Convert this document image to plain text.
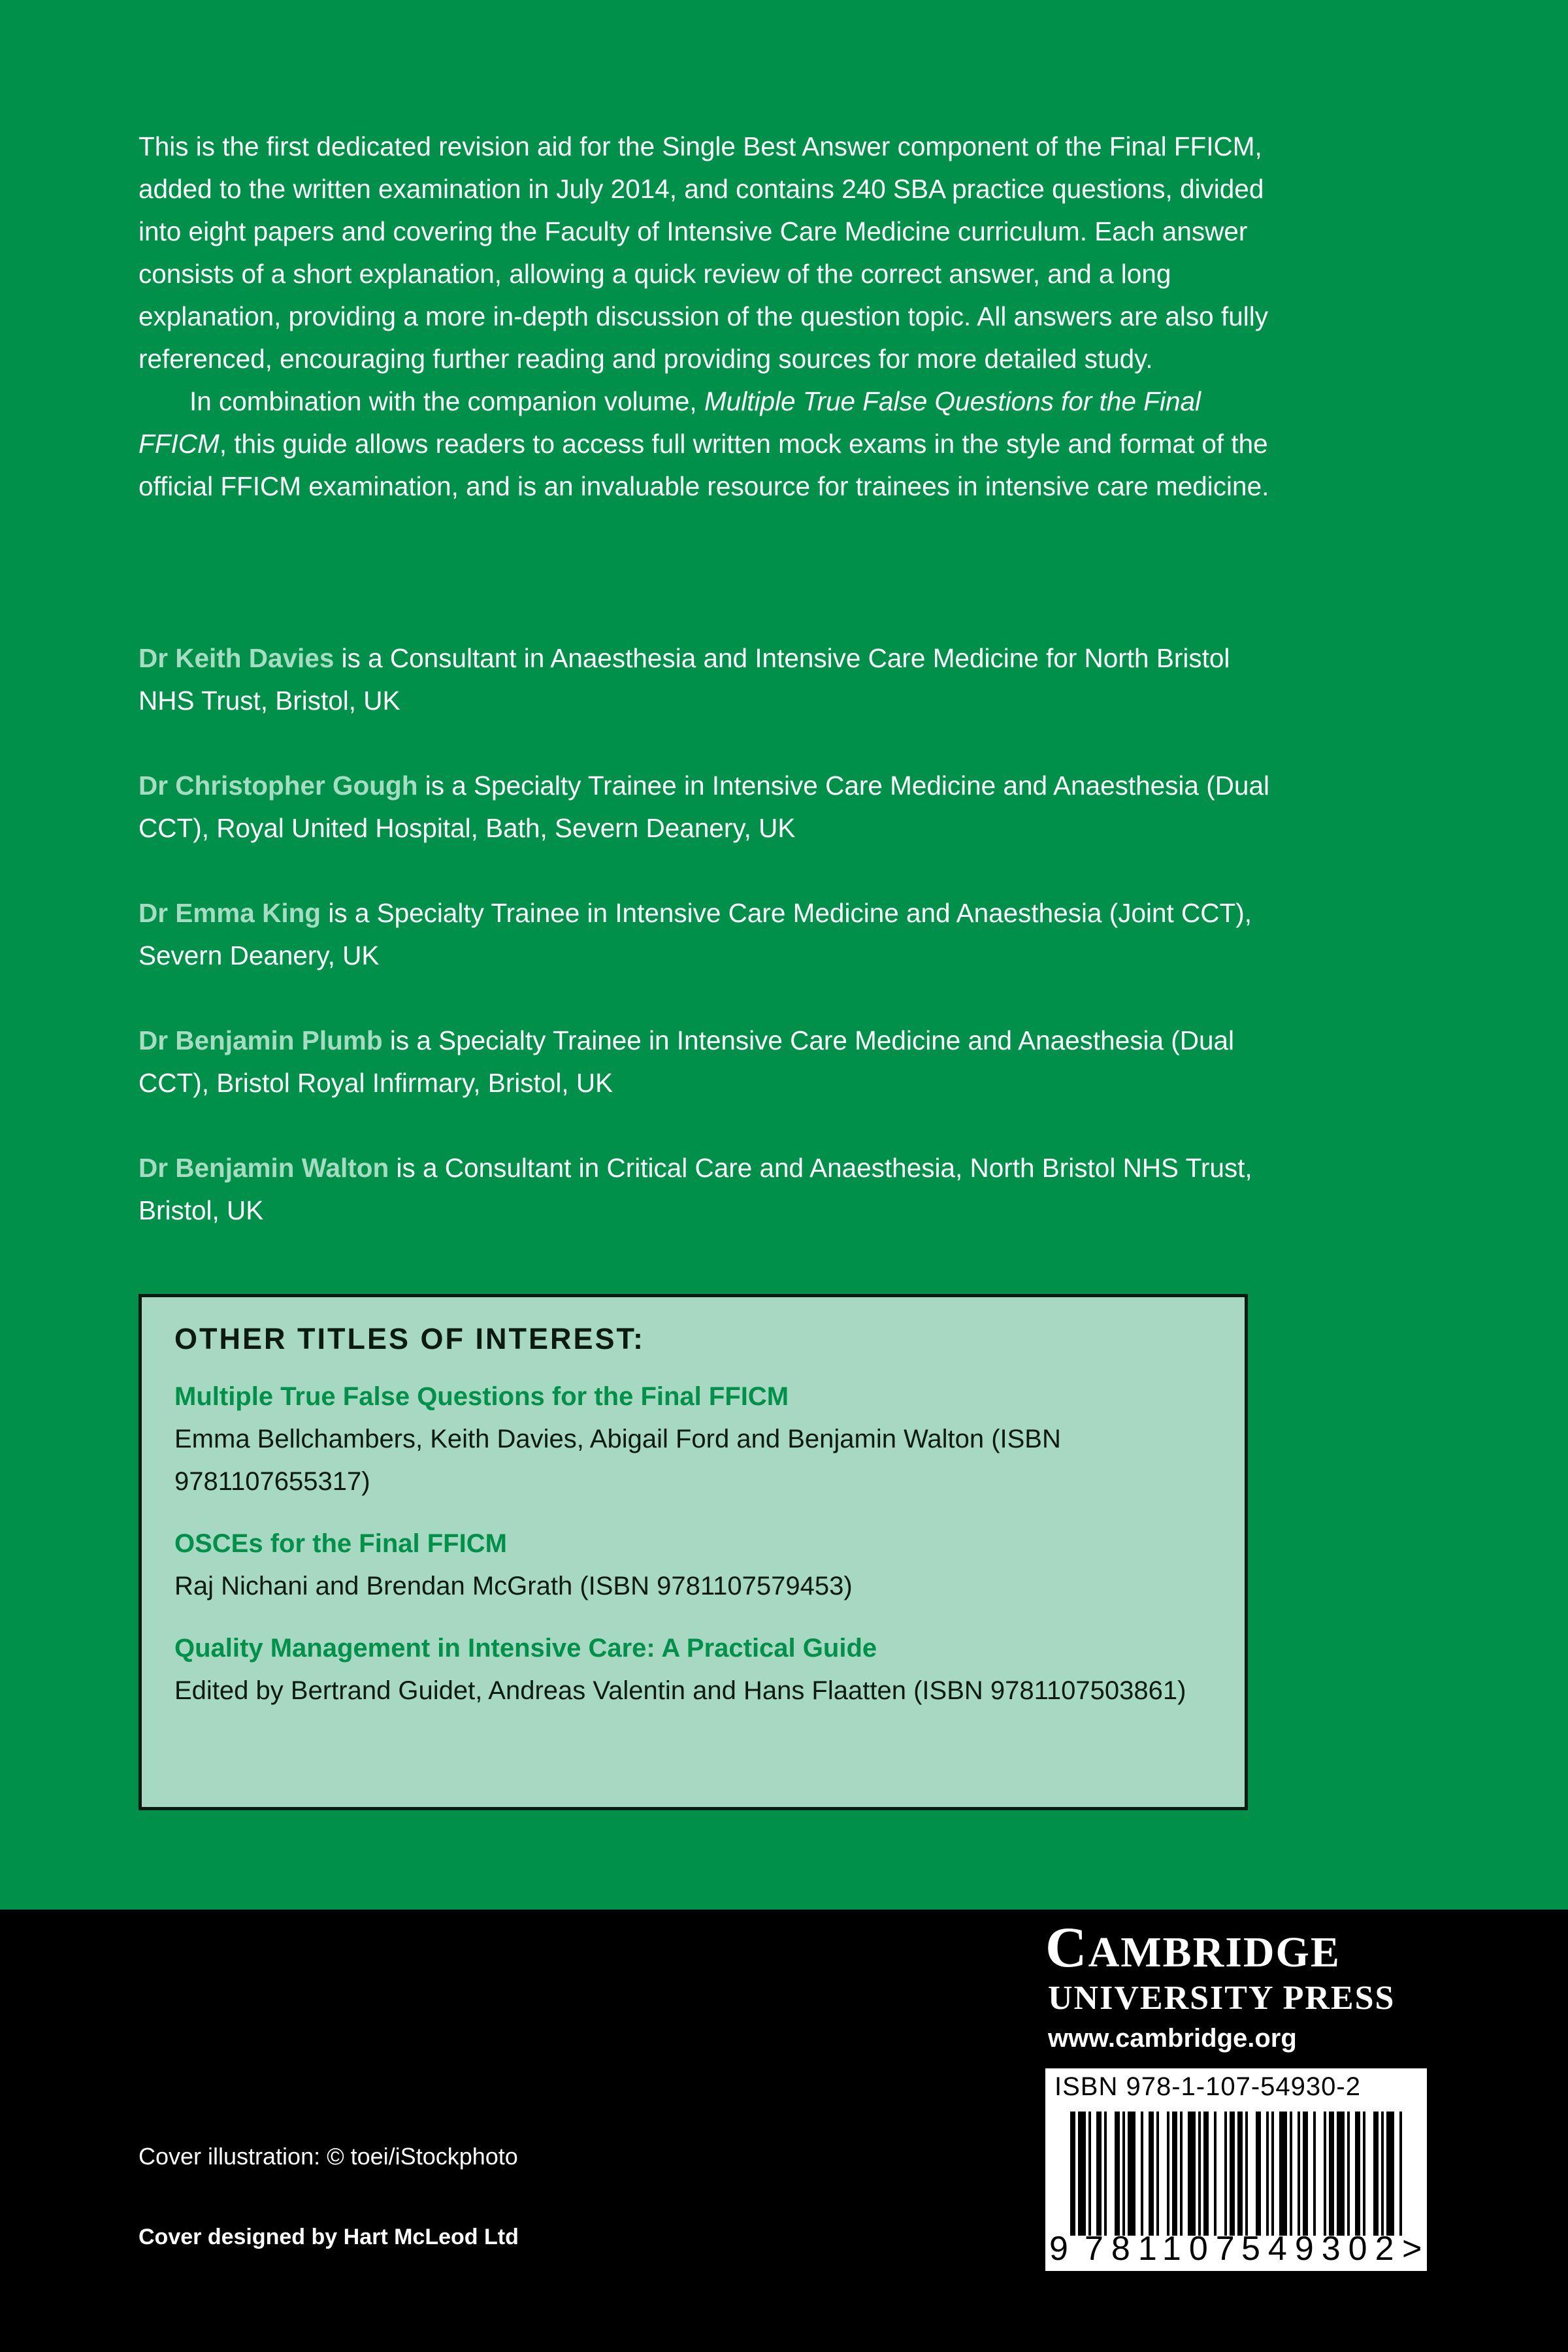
This is the first dedicated revision aid for the Single Best Answer component of the Final FFICM, added to the written examination in July 2014, and contains 240 SBA practice questions, divided into eight papers and covering the Faculty of Intensive Care Medicine curriculum. Each answer consists of a short explanation, allowing a quick review of the correct answer, and a long explanation, providing a more in-depth discussion of the question topic. All answers are also fully referenced, encouraging further reading and providing sources for more detailed study.

In combination with the companion volume, Multiple True False Questions for the Final FFICM, this guide allows readers to access full written mock exams in the style and format of the official FFICM examination, and is an invaluable resource for trainees in intensive care medicine.

Dr Keith Davies is a Consultant in Anaesthesia and Intensive Care Medicine for North Bristol NHS Trust, Bristol, UK

Dr Christopher Gough is a Specialty Trainee in Intensive Care Medicine and Anaesthesia (Dual CCT), Royal United Hospital, Bath, Severn Deanery, UK

Dr Emma King is a Specialty Trainee in Intensive Care Medicine and Anaesthesia (Joint CCT), Severn Deanery, UK

Dr Benjamin Plumb is a Specialty Trainee in Intensive Care Medicine and Anaesthesia (Dual CCT), Bristol Royal Infirmary, Bristol, UK

Dr Benjamin Walton is a Consultant in Critical Care and Anaesthesia, North Bristol NHS Trust, Bristol, UK

OTHER TITLES OF INTEREST:
Multiple True False Questions for the Final FFICM
Emma Bellchambers, Keith Davies, Abigail Ford and Benjamin Walton (ISBN 9781107655317)
OSCEs for the Final FFICM
Raj Nichani and Brendan McGrath (ISBN 9781107579453)
Quality Management in Intensive Care: A Practical Guide
Edited by Bertrand Guidet, Andreas Valentin and Hans Flaatten (ISBN 9781107503861)
CAMBRIDGE
UNIVERSITY PRESS
www.cambridge.org
ISBN 978-1-107-54930-2
9 781107
549302 >
Cover illustration: © toei/iStockphoto
Cover designed by Hart McLeod Ltd
